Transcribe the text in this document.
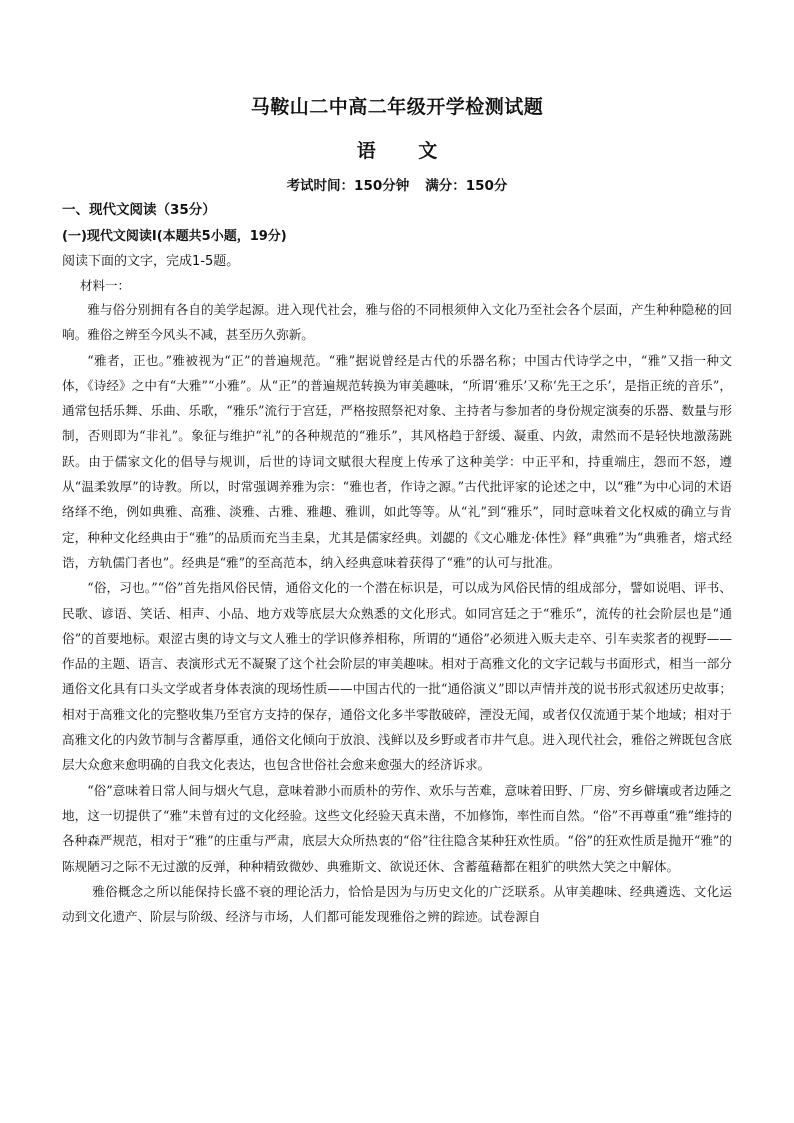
马鞍山二中高二年级开学检测试题
语 文
考试时间：150分钟 满分：150分
一、现代文阅读（35分）
(一)现代文阅读Ⅰ(本题共5小题，19分)
阅读下面的文字，完成1-5题。
材料一：

雅与俗分别拥有各自的美学起源。进入现代社会，雅与俗的不同根须伸入文化乃至社会各个层面，产生种种隐秘的回响。雅俗之辨至今风头不减，甚至历久弥新。

“雅者，正也。”雅被视为“正”的普遍规范。“雅”据说曾经是古代的乐器名称；中国古代诗学之中，“雅”又指一种文体，《诗经》之中有“大雅”“小雅”。从“正”的普遍规范转换为审美趣味，“所谓‘雅乐’又称‘先王之乐’，是指正统的音乐”，通常包括乐舞、乐曲、乐歌，“雅乐”流行于宫廷，严格按照祭祀对象、主持者与参加者的身份规定演奏的乐器、数量与形制，否则即为“非礼”。象征与维护“礼”的各种规范的“雅乐”，其风格趋于舒缓、凝重、内敛，肃然而不是轻快地激荡跳跃。由于儒家文化的倡导与规训，后世的诗词文赋很大程度上传承了这种美学：中正平和，持重端庄，怨而不怒，遵从“温柔敦厚”的诗教。所以，时常强调养雅为宗：“雅也者，作诗之源。”古代批评家的论述之中，以“雅”为中心词的术语络绎不绝，例如典雅、高雅、淡雅、古雅、雅趣、雅训，如此等等。从“礼”到“雅乐”，同时意味着文化权威的确立与肯定，种种文化经典由于“雅”的品质而充当圭臬，尤其是儒家经典。刘勰的《文心雕龙·体性》释“典雅”为“典雅者，熔式经诰，方轨儒门者也”。经典是“雅”的至高范本，纳入经典意味着获得了“雅”的认可与批准。

“俗，习也。”“俗”首先指风俗民情，通俗文化的一个潜在标识是，可以成为风俗民情的组成部分，譬如说唱、评书、民歌、谚语、笑话、相声、小品、地方戏等底层大众熟悉的文化形式。如同宫廷之于“雅乐”，流传的社会阶层也是“通俗”的首要地标。艰涩古奥的诗文与文人雅士的学识修养相称，所谓的“通俗”必须进入贩夫走卒、引车卖浆者的视野——作品的主题、语言、表演形式无不凝聚了这个社会阶层的审美趣味。相对于高雅文化的文字记载与书面形式，相当一部分通俗文化具有口头文学或者身体表演的现场性质——中国古代的一批“通俗演义”即以声情并茂的说书形式叙述历史故事；相对于高雅文化的完整收集乃至官方支持的保存，通俗文化多半零散破碎，湮没无闻，或者仅仅流通于某个地域；相对于高雅文化的内敛节制与含蓄厚重，通俗文化倾向于放浪、浅鲜以及乡野或者市井气息。进入现代社会，雅俗之辨既包含底层大众愈来愈明确的自我文化表达，也包含世俗社会愈来愈强大的经济诉求。

“俗”意味着日常人间与烟火气息，意味着渺小而质朴的劳作、欢乐与苦难，意味着田野、厂房、穷乡僻壤或者边陲之地，这一切提供了“雅”未曾有过的文化经验。这些文化经验天真未凿，不加修饰，率性而自然。“俗”不再尊重“雅”维持的各种森严规范，相对于“雅”的庄重与严肃，底层大众所热衷的“俗”往往隐含某种狂欢性质。“俗”的狂欢性质是抛开“雅”的陈规陋习之际不无过激的反弹，种种精致微妙、典雅斯文、欲说还休、含蓄蕴藉都在粗犷的哄然大笑之中解体。

雅俗概念之所以能保持长盛不衰的理论活力，恰恰是因为与历史文化的广泛联系。从审美趣味、经典遴选、文化运动到文化遗产、阶层与阶级、经济与市场，人们都可能发现雅俗之辨的踪迹。试卷源自
